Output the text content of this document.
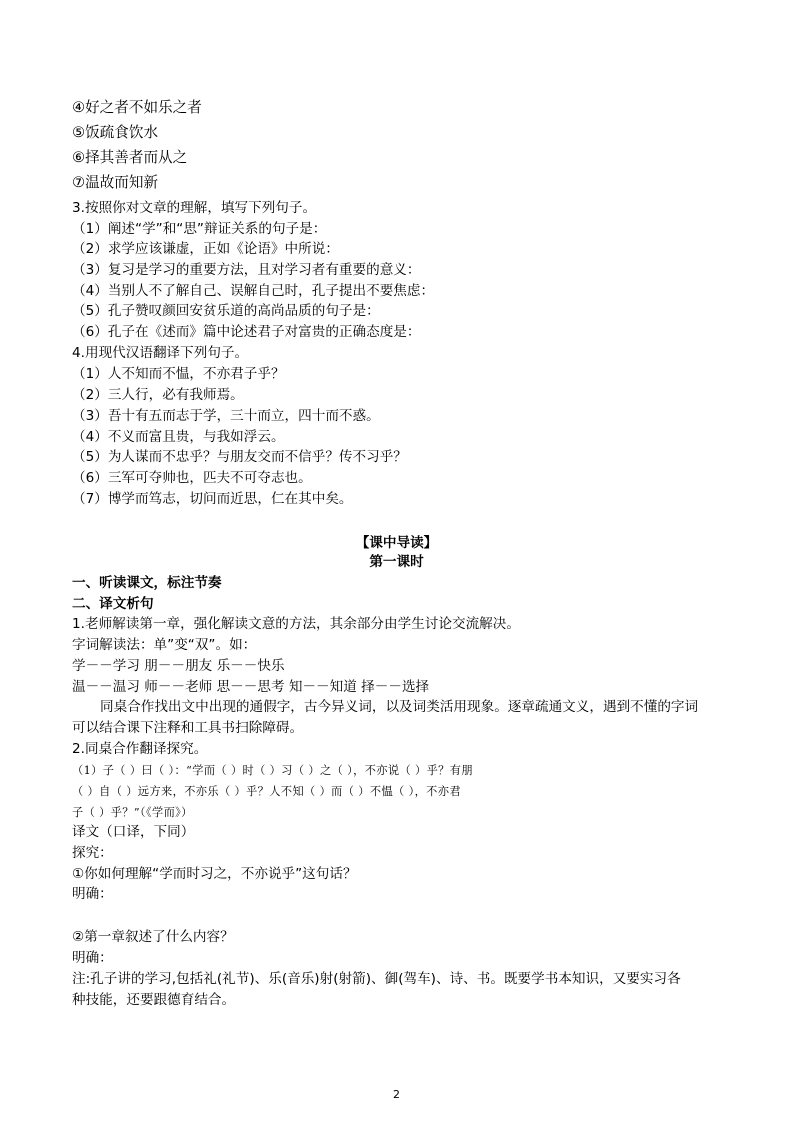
④好之者不如乐之者
⑤饭疏食饮水
⑥择其善者而从之
⑦温故而知新
3.按照你对文章的理解，填写下列句子。
（1）阐述“学”和“思”辩证关系的句子是：
（2）求学应该谦虚，正如《论语》中所说：
（3）复习是学习的重要方法，且对学习者有重要的意义：
（4）当别人不了解自己、误解自己时，孔子提出不要焦虑：
（5）孔子赞叹颜回安贫乐道的高尚品质的句子是：
（6）孔子在《述而》篇中论述君子对富贵的正确态度是：
4.用现代汉语翻译下列句子。
（1）人不知而不愠，不亦君子乎？
（2）三人行，必有我师焉。
（3）吾十有五而志于学，三十而立，四十而不惑。
（4）不义而富且贵，与我如浮云。
（5）为人谋而不忠乎？与朋友交而不信乎？传不习乎？
（6）三军可夺帅也，匹夫不可夺志也。
（7）博学而笃志，切问而近思，仁在其中矣。
【课中导读】
第一课时
一、听读课文，标注节奏
二、译文析句
1.老师解读第一章，强化解读文意的方法，其余部分由学生讨论交流解决。
字词解读法：单”变“双”。如：
学－－学习 朋－－朋友 乐－－快乐
温－－温习 师－－老师 思－－思考 知－－知道 择－－选择
同桌合作找出文中出现的通假字，古今异义词，以及词类活用现象。逐章疏通文义，遇到不懂的字词
可以结合课下注释和工具书扫除障碍。
2.同桌合作翻译探究。
（1）子（ ）曰（ ）：“学而（ ）时（ ）习（ ）之（ ），不亦说（ ）乎？有朋
（ ）自（ ）远方来，不亦乐（ ）乎？人不知（ ）而（ ）不愠（ ），不亦君
子（ ）乎？”（《学而》）
译文（口译，下同）
探究：
①你如何理解“学而时习之，不亦说乎”这句话？
明确：
②第一章叙述了什么内容？
明确：
注:孔子讲的学习,包括礼(礼节)、乐(音乐)射(射箭)、御(驾车)、诗、书。既要学书本知识，又要实习各
种技能，还要跟德育结合。
2
